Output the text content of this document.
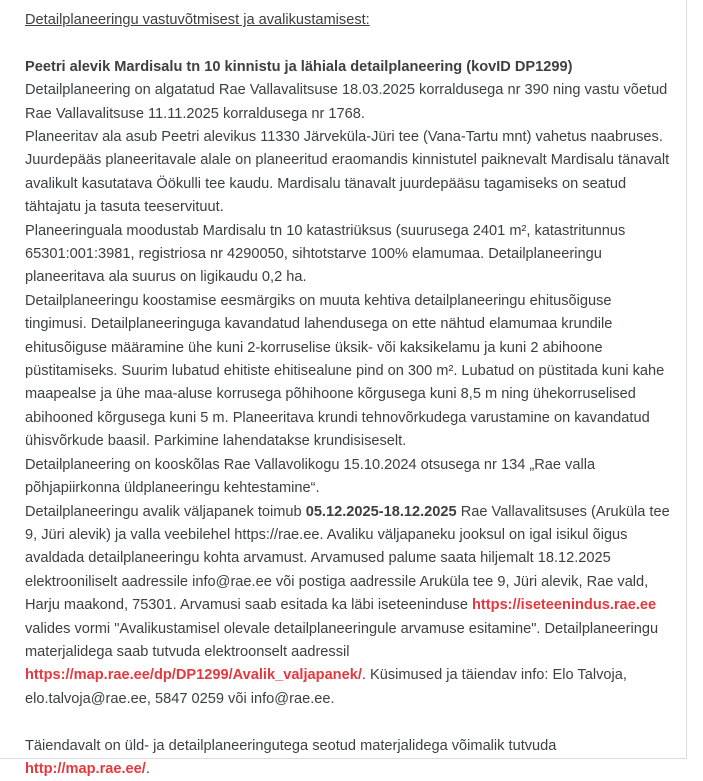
Detailplaneeringu vastuvõtmisest ja avalikustamisest:

Peetri alevik Mardisalu tn 10 kinnistu ja lähiala detailplaneering (kovID DP1299)

Detailplaneering on algatatud Rae Vallavalitsuse 18.03.2025 korraldusega nr 390 ning vastu võetud Rae Vallavalitsuse 11.11.2025 korraldusega nr 1768.

Planeeritav ala asub Peetri alevikus 11330 Järveküla-Jüri tee (Vana-Tartu mnt) vahetus naabruses. Juurdepääs planeeritavale alale on planeeritud eraomandis kinnistutel paiknevalt Mardisalu tänavalt avalikult kasutatava Öökulli tee kaudu. Mardisalu tänavalt juurdepääsu tagamiseks on seatud tähtajatu ja tasuta teeservituut.

Planeeringuala moodustab Mardisalu tn 10 katastriüksus (suurusega 2401 m², katastritunnus 65301:001:3981, registriosa nr 4290050, sihtotstarve 100% elamumaa. Detailplaneeringu planeeritava ala suurus on ligikaudu 0,2 ha.

Detailplaneeringu koostamise eesmärgiks on muuta kehtiva detailplaneeringu ehitusõiguse tingimusi. Detailplaneeringuga kavandatud lahendusega on ette nähtud elamumaa krundile ehitusõiguse määramine ühe kuni 2-korruselise üksik- või kaksikelamu ja kuni 2 abihoone püstitamiseks. Suurim lubatud ehitiste ehitisealune pind on 300 m². Lubatud on püstitada kuni kahe maapealse ja ühe maa-aluse korrusega põhihoone kõrgusega kuni 8,5 m ning ühekorruselised abihooned kõrgusega kuni 5 m. Planeeritava krundi tehnovõrkudega varustamine on kavandatud ühisvõrkude baasil. Parkimine lahendatakse krundisiseselt.

Detailplaneering on kooskõlas Rae Vallavolikogu 15.10.2024 otsusega nr 134 „Rae valla põhjapiirkonna üldplaneeringu kehtestamine“.

Detailplaneeringu avalik väljapanek toimub 05.12.2025-18.12.2025 Rae Vallavalitsuses (Aruküla tee 9, Jüri alevik) ja valla veebilehel https://rae.ee. Avaliku väljapaneku jooksul on igal isikul õigus avaldada detailplaneeringu kohta arvamust. Arvamused palume saata hiljemalt 18.12.2025 elektrooniliselt aadressile info@rae.ee või postiga aadressile Aruküla tee 9, Jüri alevik, Rae vald, Harju maakond, 75301. Arvamusi saab esitada ka läbi iseteeninduse https://iseteenindus.rae.ee valides vormi "Avalikustamisel olevale detailplaneeringule arvamuse esitamine". Detailplaneeringu materjalidega saab tutvuda elektroonselt aadressil https://map.rae.ee/dp/DP1299/Avalik_valjapanek/. Küsimused ja täiendav info: Elo Talvoja, elo.talvoja@rae.ee, 5847 0259 või info@rae.ee.

Täiendavalt on üld- ja detailplaneeringutega seotud materjalidega võimalik tutvuda http://map.rae.ee/.
